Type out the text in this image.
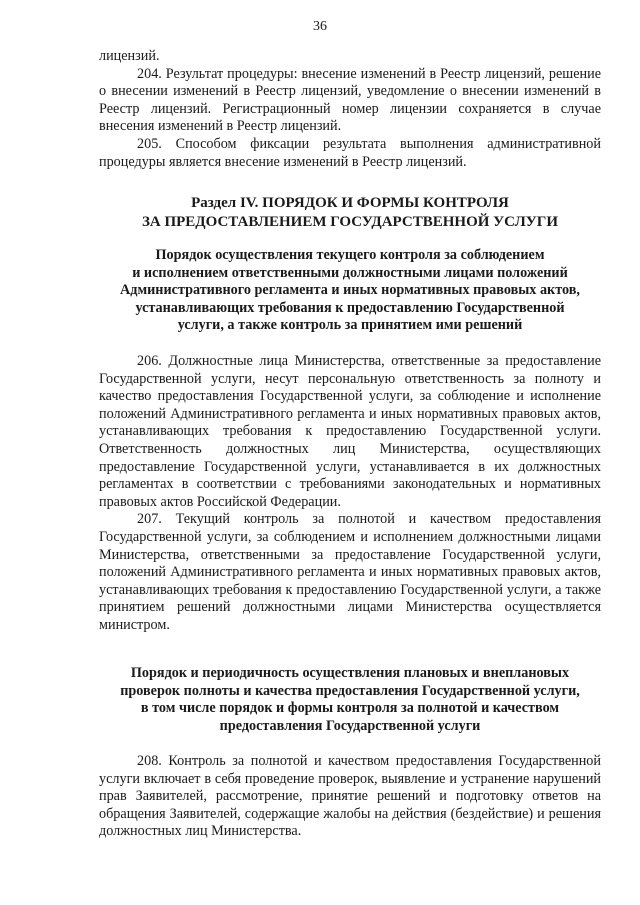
36

лицензий.

204. Результат процедуры: внесение изменений в Реестр лицензий, решение о внесении изменений в Реестр лицензий, уведомление о внесении изменений в Реестр лицензий. Регистрационный номер лицензии сохраняется в случае внесения изменений в Реестр лицензий.

205. Способом фиксации результата выполнения административной процедуры является внесение изменений в Реестр лицензий.

Раздел IV. ПОРЯДОК И ФОРМЫ КОНТРОЛЯ
ЗА ПРЕДОСТАВЛЕНИЕМ ГОСУДАРСТВЕННОЙ УСЛУГИ
Порядок осуществления текущего контроля за соблюдением
и исполнением ответственными должностными лицами положений
Административного регламента и иных нормативных правовых актов,
устанавливающих требования к предоставлению Государственной
услуги, а также контроль за принятием ими решений

206. Должностные лица Министерства, ответственные за предоставление Государственной услуги, несут персональную ответственность за полноту и качество предоставления Государственной услуги, за соблюдение и исполнение положений Административного регламента и иных нормативных правовых актов, устанавливающих требования к предоставлению Государственной услуги. Ответственность должностных лиц Министерства, осуществляющих предоставление Государственной услуги, устанавливается в их должностных регламентах в соответствии с требованиями законодательных и нормативных правовых актов Российской Федерации.

207. Текущий контроль за полнотой и качеством предоставления Государственной услуги, за соблюдением и исполнением должностными лицами Министерства, ответственными за предоставление Государственной услуги, положений Административного регламента и иных нормативных правовых актов, устанавливающих требования к предоставлению Государственной услуги, а также принятием решений должностными лицами Министерства осуществляется министром.

Порядок и периодичность осуществления плановых и внеплановых
проверок полноты и качества предоставления Государственной услуги,
в том числе порядок и формы контроля за полнотой и качеством
предоставления Государственной услуги

208. Контроль за полнотой и качеством предоставления Государственной услуги включает в себя проведение проверок, выявление и устранение нарушений прав Заявителей, рассмотрение, принятие решений и подготовку ответов на обращения Заявителей, содержащие жалобы на действия (бездействие) и решения должностных лиц Министерства.
